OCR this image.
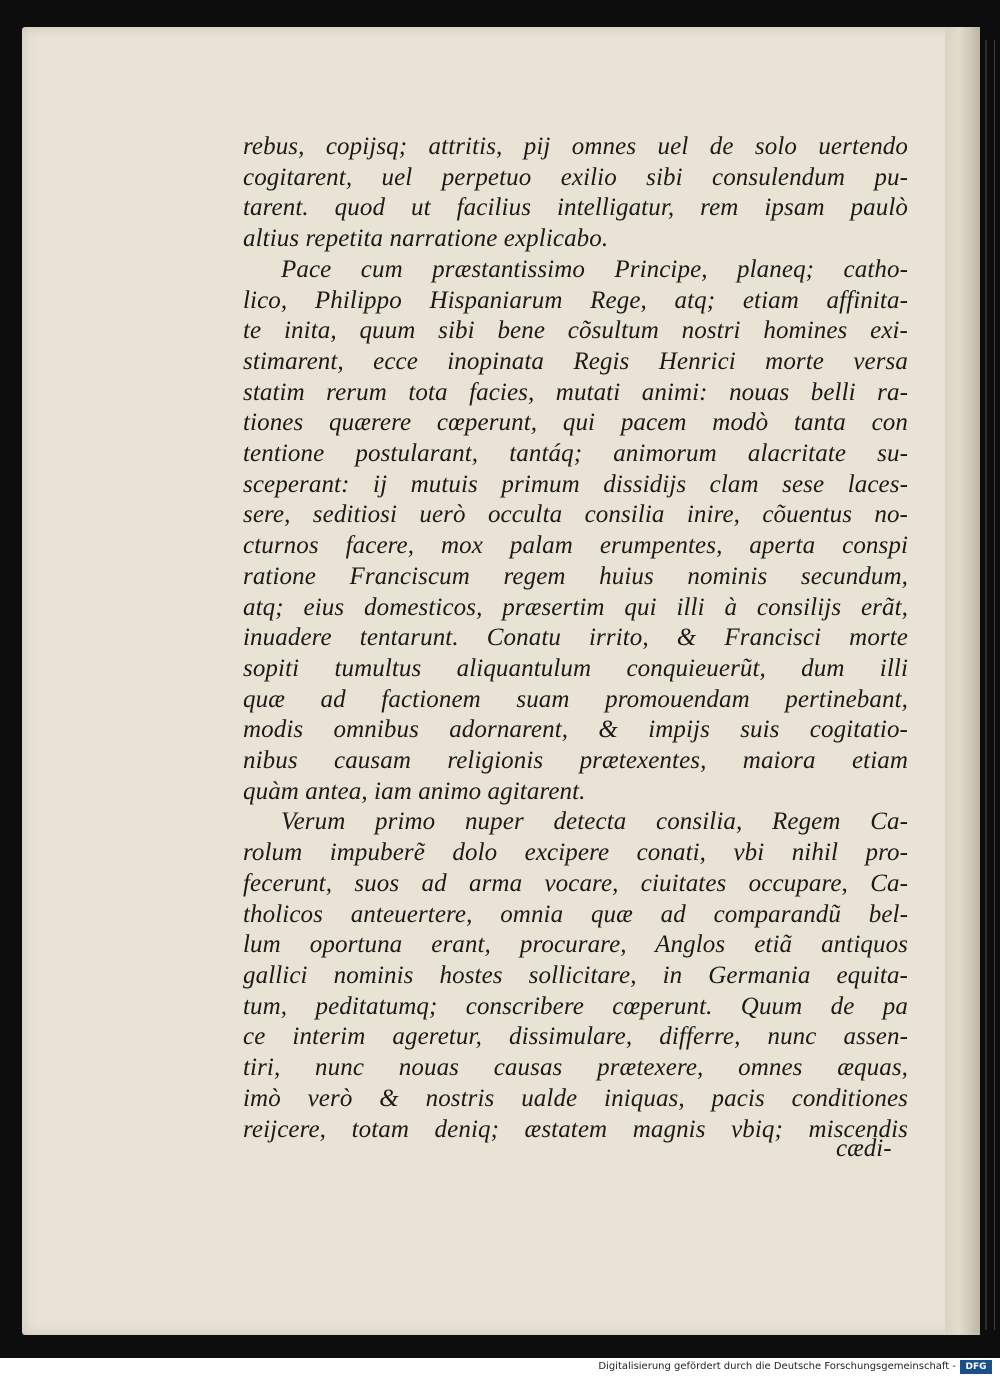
rebus, copijsq; attritis, pij omnes uel de solo uertendo
cogitarent, uel perpetuo exilio sibi consulendum pu-
tarent. quod ut facilius intelligatur, rem ipsam paulò
altius repetita narratione explicabo.
Pace cum præstantissimo Principe, planeq; catho-
lico, Philippo Hispaniarum Rege, atq; etiam affinita-
te inita, quum sibi bene cõsultum nostri homines exi-
stimarent, ecce inopinata Regis Henrici morte versa
statim rerum tota facies, mutati animi: nouas belli ra-
tiones quærere cœperunt, qui pacem modò tanta con
tentione postularant, tantáq; animorum alacritate su-
sceperant: ij mutuis primum dissidijs clam sese laces-
sere, seditiosi uerò occulta consilia inire, cõuentus no-
cturnos facere, mox palam erumpentes, aperta conspi
ratione Franciscum regem huius nominis secundum,
atq; eius domesticos, præsertim qui illi à consilijs erãt,
inuadere tentarunt. Conatu irrito, & Francisci morte
sopiti tumultus aliquantulum conquieuerũt, dum illi
quæ ad factionem suam promouendam pertinebant,
modis omnibus adornarent, & impijs suis cogitatio-
nibus causam religionis prætexentes, maiora etiam
quàm antea, iam animo agitarent.
Verum primo nuper detecta consilia, Regem Ca-
rolum impuberẽ dolo excipere conati, vbi nihil pro-
fecerunt, suos ad arma vocare, ciuitates occupare, Ca-
tholicos anteuertere, omnia quæ ad comparandũ bel-
lum oportuna erant, procurare, Anglos etiã antiquos
gallici nominis hostes sollicitare, in Germania equita-
tum, peditatumq; conscribere cœperunt. Quum de pa
ce interim ageretur, dissimulare, differre, nunc assen-
tiri, nunc nouas causas prætexere, omnes æquas,
imò verò & nostris ualde iniquas, pacis conditiones
reijcere, totam deniq; æstatem magnis vbiq; miscendis
cædi-
Digitalisierung gefördert durch die Deutsche Forschungsgemeinschaft -	DFG
